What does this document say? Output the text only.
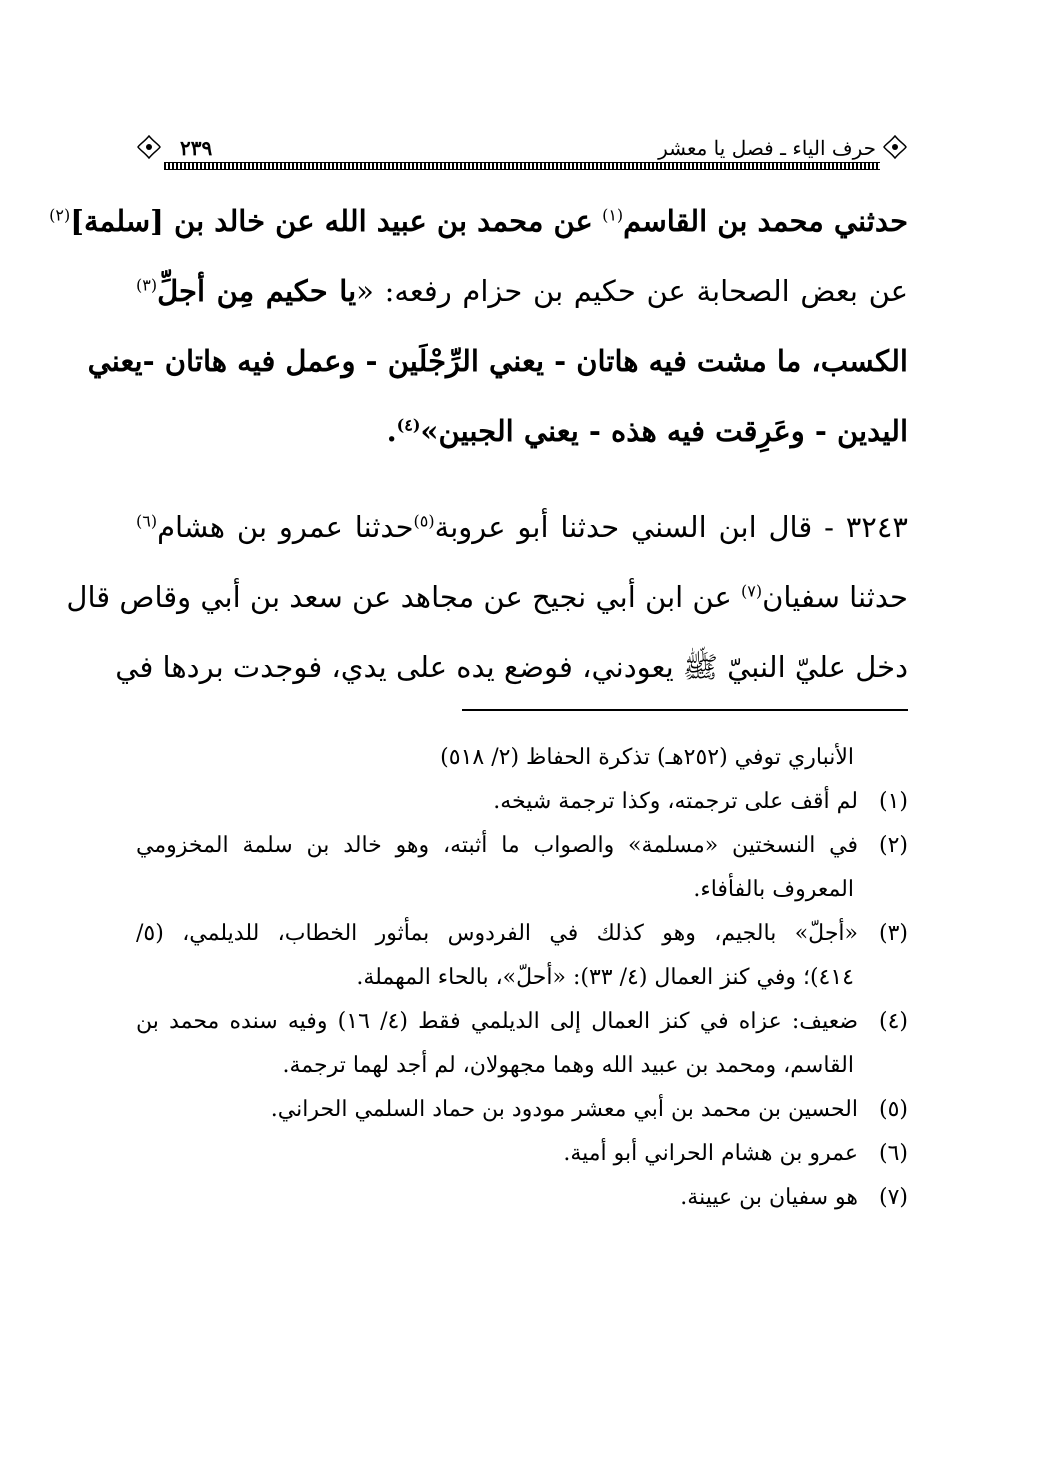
حرف الياء ـ فصل يا معشر
٢٣٩
حدثني محمد بن القاسم$^{(١)}$ عن محمد بن عبيد الله عن خالد بن [سلمة]$^{(٢)}$
عن بعض الصحابة عن حكيم بن حزام رفعه: «يا حكيم مِن أجلِّ$^{(٣)}$
الكسب، ما مشت فيه هاتان - يعني الرِّجْلَين - وعمل فيه هاتان -يعني
اليدين - وعَرِقت فيه هذه - يعني الجبين»$^{(٤)}$.
٣٢٤٣ - قال ابن السني حدثنا أبو عروبة$^{(٥)}$حدثنا عمرو بن هشام$^{(٦)}$
حدثنا سفيان$^{(٧)}$ عن ابن أبي نجيح عن مجاهد عن سعد بن أبي وقاص قال
دخل عليّ النبيّ ﷺ يعودني، فوضع يده على يدي، فوجدت بردها في
الأنباري توفي (٢٥٢هـ) تذكرة الحفاظ (٢/ ٥١٨)
(١)لم أقف على ترجمته، وكذا ترجمة شيخه.
(٢)في النسختين «مسلمة» والصواب ما أثبته، وهو خالد بن سلمة المخزومي
المعروف بالفأفاء.
(٣)«أجلّ» بالجيم، وهو كذلك في الفردوس بمأثور الخطاب، للديلمي، (٥/
٤١٤)؛ وفي كنز العمال (٤/ ٣٣): «أحلّ»، بالحاء المهملة.
(٤)ضعيف: عزاه في كنز العمال إلى الديلمي فقط (٤/ ١٦) وفيه سنده محمد بن
القاسم، ومحمد بن عبيد الله وهما مجهولان، لم أجد لهما ترجمة.
(٥)الحسين بن محمد بن أبي معشر مودود بن حماد السلمي الحراني.
(٦)عمرو بن هشام الحراني أبو أمية.
(٧)هو سفيان بن عيينة.
